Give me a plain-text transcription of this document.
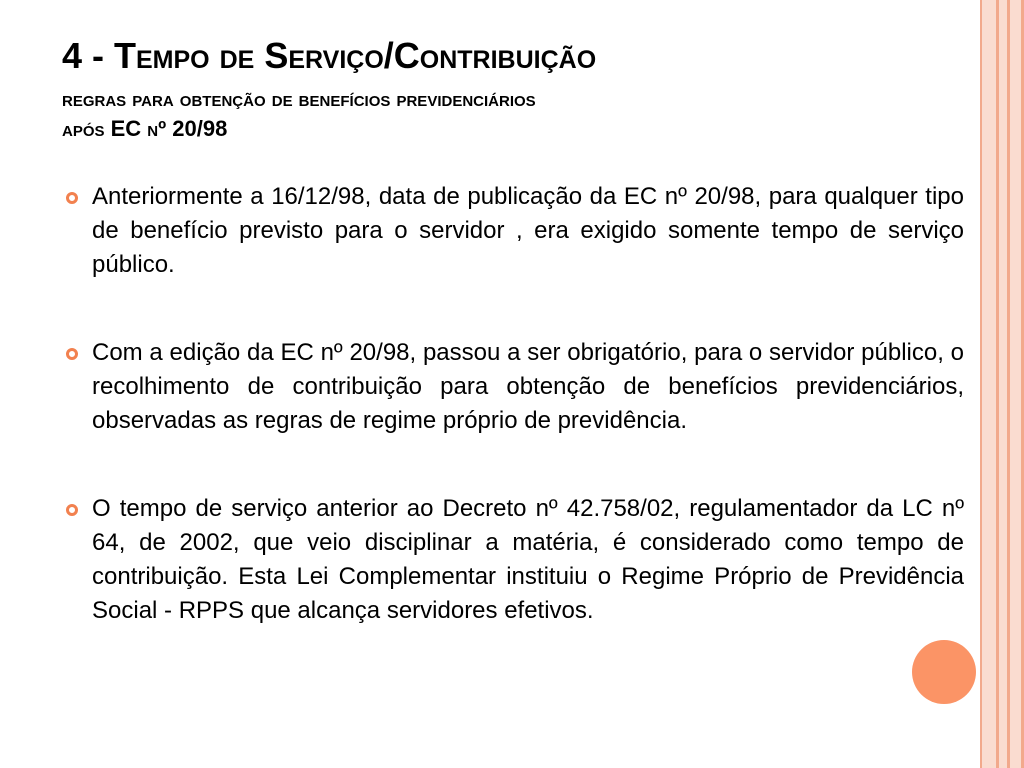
4 - Tempo de Serviço/Contribuição
regras para obtenção de benefícios previdenciários
após EC nº 20/98
Anteriormente a 16/12/98, data de publicação da EC nº 20/98, para qualquer tipo de benefício previsto para o servidor , era exigido somente tempo de serviço público.
Com a edição da EC nº 20/98, passou a ser obrigatório, para o servidor público, o recolhimento de contribuição para obtenção de benefícios previdenciários, observadas as regras de regime próprio de previdência.
O tempo de serviço anterior ao Decreto nº 42.758/02, regulamentador da LC nº 64, de 2002, que veio disciplinar a matéria, é considerado como tempo de contribuição. Esta Lei Complementar instituiu o Regime Próprio de Previdência Social - RPPS que alcança servidores efetivos.
